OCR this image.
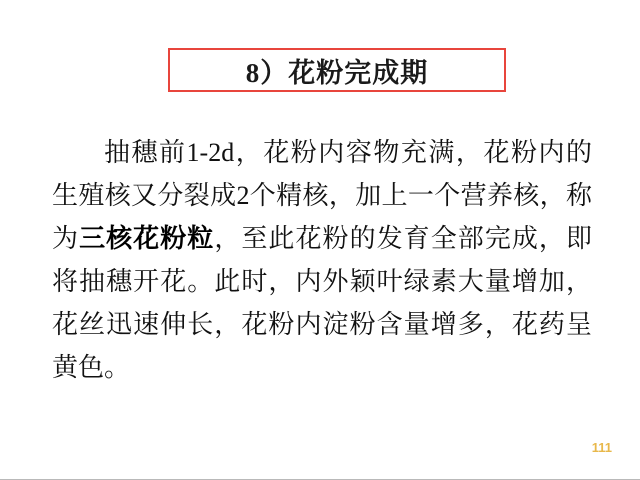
8）花粉完成期

抽穗前1-2d，花粉内容物充满，花粉内的生殖核又分裂成2个精核，加上一个营养核，称为三核花粉粒，至此花粉的发育全部完成，即将抽穗开花。此时，内外颖叶绿素大量增加，花丝迅速伸长，花粉内淀粉含量增多，花药呈黄色。

111
